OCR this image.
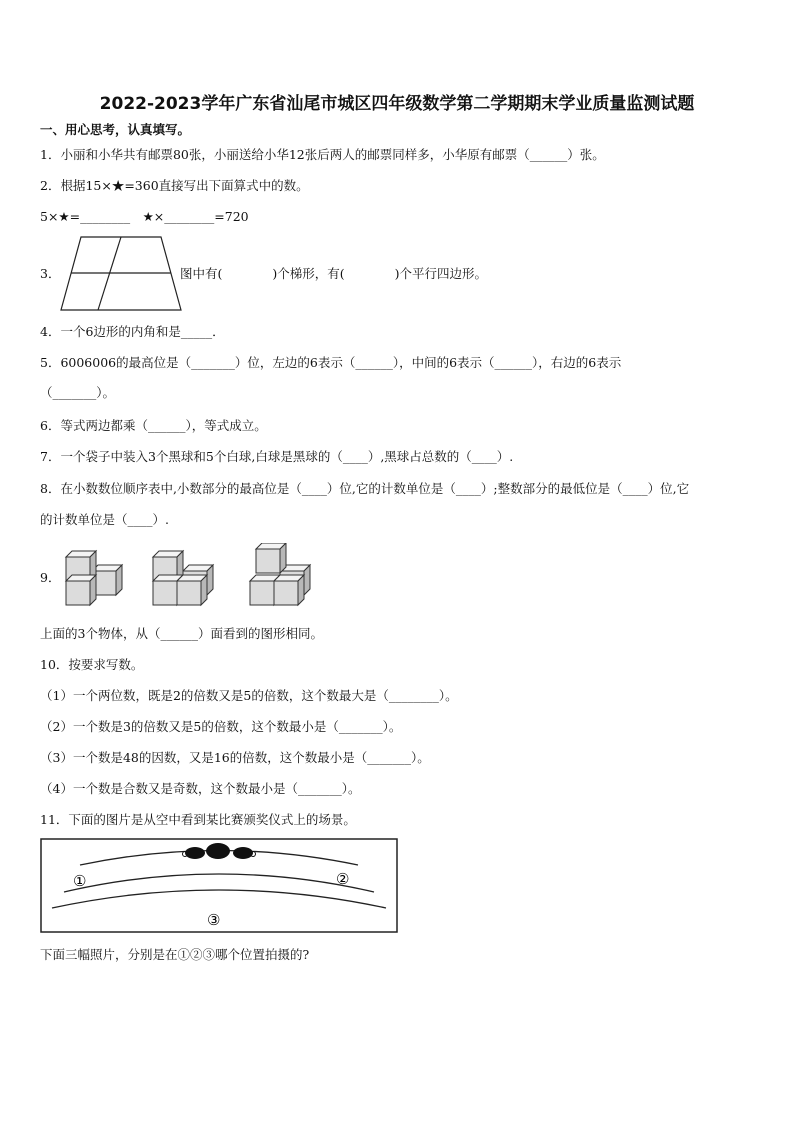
2022-2023学年广东省汕尾市城区四年级数学第二学期期末学业质量监测试题
一、用心思考，认真填写。
1．小丽和小华共有邮票80张，小丽送给小华12张后两人的邮票同样多，小华原有邮票（______）张。
2．根据15×★=360直接写出下面算式中的数。
5×★=________　★×________=720
3．	图中有(　　　　)个梯形，有(　　　　)个平行四边形。
4．一个6边形的内角和是_____．
5．6006006的最高位是（_______）位，左边的6表示（______），中间的6表示（______），右边的6表示
（_______）。
6．等式两边都乘（______），等式成立。
7．一个袋子中装入3个黑球和5个白球,白球是黑球的（____）,黑球占总数的（____）.
8．在小数数位顺序表中,小数部分的最高位是（____）位,它的计数单位是（____）;整数部分的最低位是（____）位,它
的计数单位是（____）.
9．
上面的3个物体，从（______）面看到的图形相同。
10．按要求写数。
（1）一个两位数，既是2的倍数又是5的倍数，这个数最大是（________）。
（2）一个数是3的倍数又是5的倍数，这个数最小是（_______）。
（3）一个数是48的因数，又是16的倍数，这个数最小是（_______）。
（4）一个数是合数又是奇数，这个数最小是（_______）。
11．下面的图片是从空中看到某比赛颁奖仪式上的场景。
①	②
③
下面三幅照片，分别是在①②③哪个位置拍摄的?
